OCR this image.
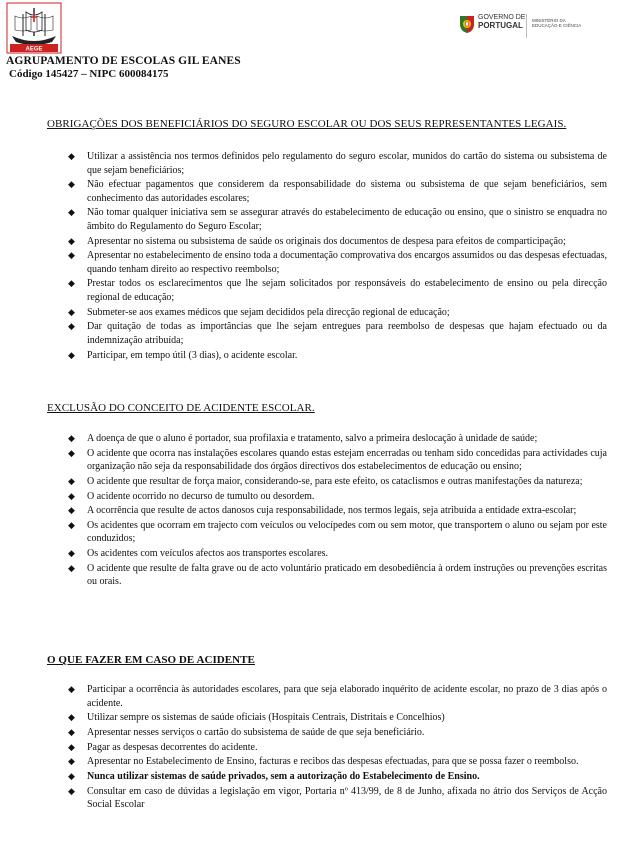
AEGE
GOVERNO DE
PORTUGAL
MINISTÉRIO DA EDUCAÇÃO E CIÊNCIA
AGRUPAMENTO DE ESCOLAS GIL EANES
Código 145427 – NIPC 600084175
OBRIGAÇÕES DOS BENEFICIÁRIOS DO SEGURO ESCOLAR OU DOS SEUS REPRESENTANTES LEGAIS.
◆ Utilizar a assistência nos termos definidos pelo regulamento do seguro escolar, munidos do cartão do sistema ou subsistema de que sejam beneficiários;
◆ Não efectuar pagamentos que considerem da responsabilidade do sistema ou subsistema de que sejam beneficiários, sem conhecimento das autoridades escolares;
◆ Não tomar qualquer iniciativa sem se assegurar através do estabelecimento de educação ou ensino, que o sinistro se enquadra no âmbito do Regulamento do Seguro Escolar;
◆ Apresentar no sistema ou subsistema de saúde os originais dos documentos de despesa para efeitos de comparticipação;
◆ Apresentar no estabelecimento de ensino toda a documentação comprovativa dos encargos assumidos ou das despesas efectuadas, quando tenham direito ao respectivo reembolso;
◆ Prestar todos os esclarecimentos que lhe sejam solicitados por responsáveis do estabelecimento de ensino ou pela direcção regional de educação;
◆ Submeter-se aos exames médicos que sejam decididos pela direcção regional de educação;
◆ Dar quitação de todas as importâncias que lhe sejam entregues para reembolso de despesas que hajam efectuado ou da indemnização atribuída;
◆ Participar, em tempo útil (3 dias), o acidente escolar.
EXCLUSÃO DO CONCEITO DE ACIDENTE ESCOLAR.
◆ A doença de que o aluno é portador, sua profilaxia e tratamento, salvo a primeira deslocação à unidade de saúde;
◆ O acidente que ocorra nas instalações escolares quando estas estejam encerradas ou tenham sido concedidas para actividades cuja organização não seja da responsabilidade dos órgãos directivos dos estabelecimentos de educação ou ensino;
◆ O acidente que resultar de força maior, considerando-se, para este efeito, os cataclismos e outras manifestações da natureza;
◆ O acidente ocorrido no decurso de tumulto ou desordem.
◆ A ocorrência que resulte de actos danosos cuja responsabilidade, nos termos legais, seja atribuída a entidade extra-escolar;
◆ Os acidentes que ocorram em trajecto com veículos ou velocípedes com ou sem motor, que transportem o aluno ou sejam por este conduzidos;
◆ Os acidentes com veículos afectos aos transportes escolares.
◆ O acidente que resulte de falta grave ou de acto voluntário praticado em desobediência à ordem instruções ou prevenções escritas ou orais.
O QUE FAZER EM CASO DE ACIDENTE
◆ Participar a ocorrência às autoridades escolares, para que seja elaborado inquérito de acidente escolar, no prazo de 3 dias após o acidente.
◆ Utilizar sempre os sistemas de saúde oficiais (Hospitais Centrais, Distritais e Concelhios)
◆ Apresentar nesses serviços o cartão do subsistema de saúde de que seja beneficiário.
◆ Pagar as despesas decorrentes do acidente.
◆ Apresentar no Estabelecimento de Ensino, facturas e recibos das despesas efectuadas, para que se possa fazer o reembolso.
◆ Nunca utilizar sistemas de saúde privados, sem a autorização do Estabelecimento de Ensino.
◆ Consultar em caso de dúvidas a legislação em vigor, Portaria nº 413/99, de 8 de Junho, afixada no átrio dos Serviços de Acção Social Escolar
